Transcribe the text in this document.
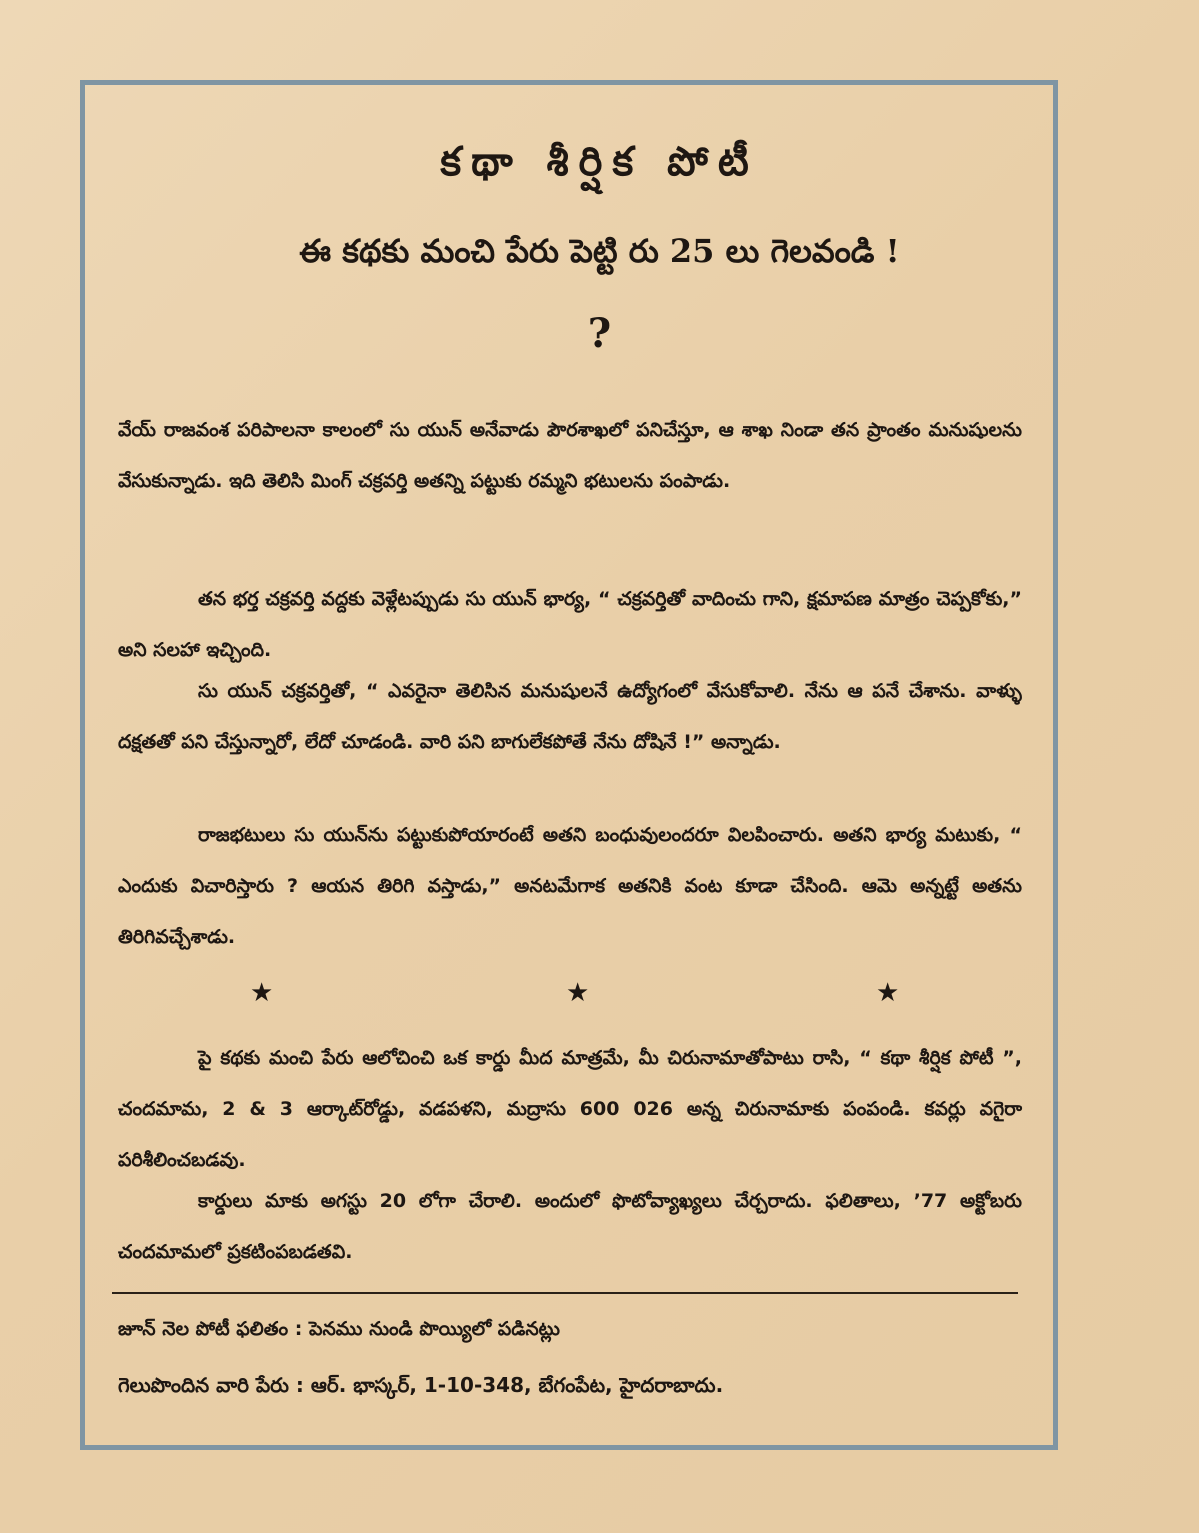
కథా శీర్షిక పోటీ
ఈ కథకు మంచి పేరు పెట్టి రు 25 లు గెలవండి !
?

వేయ్ రాజవంశ పరిపాలనా కాలంలో సు యున్ అనేవాడు పౌరశాఖలో పనిచేస్తూ, ఆ శాఖ నిండా తన ప్రాంతం మనుషులను వేసుకున్నాడు. ఇది తెలిసి మింగ్ చక్రవర్తి అతన్ని పట్టుకు రమ్మని భటులను పంపాడు.

తన భర్త చక్రవర్తి వద్దకు వెళ్లేటప్పుడు సు యున్ భార్య, “ చక్రవర్తితో వాదించు గాని, క్షమాపణ మాత్రం చెప్పకోకు,” అని సలహా ఇచ్చింది.

సు యున్ చక్రవర్తితో, “ ఎవరైనా తెలిసిన మనుషులనే ఉద్యోగంలో వేసుకోవాలి. నేను ఆ పనే చేశాను. వాళ్ళు దక్షతతో పని చేస్తున్నారో, లేదో చూడండి. వారి పని బాగులేకపోతే నేను దోషినే !” అన్నాడు.

రాజభటులు సు యున్‌ను పట్టుకుపోయారంటే అతని బంధువులందరూ విలపించారు. అతని భార్య మటుకు, “ ఎందుకు విచారిస్తారు ? ఆయన తిరిగి వస్తాడు,” అనటమేగాక అతనికి వంట కూడా చేసింది. ఆమె అన్నట్టే అతను తిరిగివచ్చేశాడు.

★	★	★

పై కథకు మంచి పేరు ఆలోచించి ఒక కార్డు మీద మాత్రమే, మీ చిరునామాతోపాటు రాసి, “ కథా శీర్షిక పోటీ ”, చందమామ, 2 & 3 ఆర్కాట్‌రోడ్డు, వడపళని, మద్రాసు 600 026 అన్న చిరునామాకు పంపండి. కవర్లు వగైరా పరిశీలించబడవు.

కార్డులు మాకు అగస్టు 20 లోగా చేరాలి. అందులో ఫొటోవ్యాఖ్యలు చేర్చరాదు. ఫలితాలు, ’77 అక్టోబరు చందమామలో ప్రకటింపబడతవి.

జూన్ నెల పోటీ ఫలితం : పెనము నుండి పొయ్యిలో పడినట్లు
గెలుపొందిన వారి పేరు : ఆర్. భాస్కర్, 1-10-348, బేగంపేట, హైదరాబాదు.
